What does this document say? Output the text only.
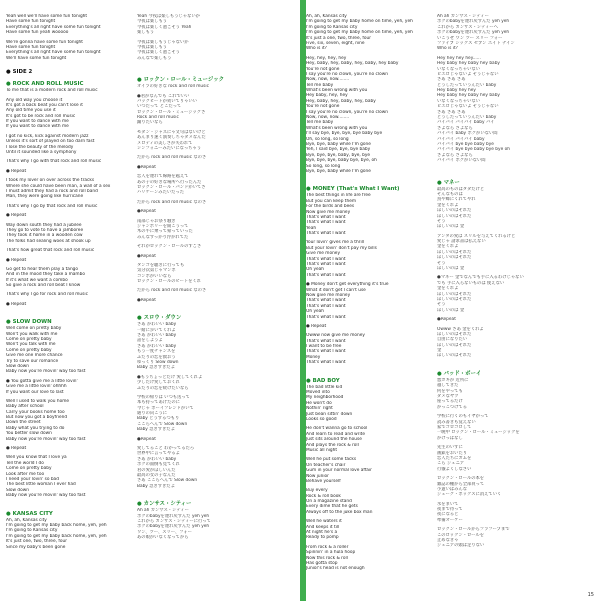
Yeah well we'll have some fun tonight
Have some fun tonight
Everything's all right have some fun tonight
Have some fun yeah wooooo
We're gonna have some fun tonight
Have some fun tonight
Everything's all right have some fun tonight
We'll have some fun tonight
● SIDE 2
● ROCK AND ROLL MUSIC
To me that is a modern rock and roll music
Any old way you choose it
It's got a back beat you can't lose it
Any old time you use it
It's got to be rock and roll music
If you want to dance with me
If you want to dance with me
I got no kick, kick against modern jazz
Unless it's sort of played on too darn fast
I lose the beauty of the melody
Until it sounded like a symphony
That's why I go with that rock and roll music
● Repeat
I took my lover on over across the tracks
Where she could have been man, a wall of a sex
I must admit they had a rock and roll band
Man, they were going like hurricane
That's why I go by that rock and roll music
● Repeat
Way down south they had a jubilee
They go to vote to have a jamboree
They took it home in a wooden cow
The folks had sealing woes at shook up
That's how great that rock and roll music
● Repeat
Go get to hear them play a tango
And in the mood they take a mambo
If it's what we want a combo
So give a rock and roll beat I know
That's why I go for rock and roll music
● Repeat
● SLOW DOWN
Well come on pretty baby
Won't you walk with me
Come on pretty baby
Won't you talk with me
Come on pretty baby
Give me one more chance
Try to save our romance
Slow down
Baby now you're movin' way too fast
● You gotta give me a little lovin'
Give me a little lovin' ohhhh
If you want our love to last
Well I used to walk you home
Baby after school
Carry your books home too
But now you got a boyfriend
Down the street
Baby what you trying to do
You better slow down
Baby now you're movin' way too fast
● Repeat
Well you know that I love ya
Tell the world I do
Come on pretty baby
Look after me too
I need your lovin' so bad
The best little woman I ever had
Slow down
Baby now you're movin' way too fast
● KANSAS CITY
Ah, ah, Kansas city
I'm going to get my baby back home, yeh, yeh
I'm going to Kansas city
I'm going to get my baby back home, yeh, yeh
It's just one, two, three, four
Since my baby's been gone
Yeah 今夜は楽しもうじゃないか
今夜は楽しもう
今夜は楽しく過ごそう Yeah
楽しもう
今夜は楽しもうじゃないか
今夜は楽しもう
今夜は楽しく過ごそう
みんなで楽しもう
● ロックン・ロール・ミュージック
オイラの好きな rock and roll music
●君がなんでも これでいい
バックビートが効いてりゃいい
いつだって どこだって
ロックン・ロール・ミュージックさ
Rock and roll music
踊りたいなら
モダン・ジャズにゃ文句はないけど
あんまり速く演奏しちゃダメなんだ
メロディの美しさが失われて
シンフォニーみたいになっちゃう
だから rock and roll music なのさ
●Repeat
恋人を連れて線路を越えて
あの子の好きな場所へ行ったんだ
ロックン・ロール・バンドがいてさ
ハリケーンみたいだった
だから rock and roll music なのさ
●Repeat
南部じゃお祭り騒ぎ
ジャンボリーを開こうって
木の牛に乗って帰っていった
みんなすっかり浮かれてた
それがロックン・ロールのすごさ
●Repeat
タンゴを聴きに行っても
気分次第じゃマンボ
コンボがいいなら
ロックン・ロールのビートをくれ
だから rock and roll music なのさ
●Repeat
● スロウ・ダウン
さあ かわいい baby
一緒に歩いてくれよ
さあ かわいい baby
話をしようよ
さあ かわいい baby
もう一度チャンスを
ふたりの恋を救おう
ゆっくり Slow down
Baby 急ぎすぎだよ
●もうちょっとだけ 愛してくれよ
少しだけ愛しておくれ
ふたりの恋を続けたいなら
学校の帰りは いつも送って
本も持ってあげたのに
今じゃ ボーイフレンドがいて
通りの向こうに
Baby どうするつもり
ここらへんで Slow down
Baby 急ぎすぎだよ
●Repeat
愛してること わかってるだろ
世界中に言ってやるよ
さあ かわいい baby
ボクの面倒も見てくれ
君の愛がほしいんだ
最高の女の子なんだ
さあ ここらへんで Slow down
Baby 急ぎすぎだよ
● カンサス・シティー
Ah ah カンサス・シティー
ボクのbabyを連れ戻すんだ yeh yeh
これから カンサス・シティーに行って
ボクのbabyを連れ戻すんだ yeh yeh
ワン、ツー、スリー、フォー
あの娘がいなくなってから
Ah, ah, Kansas city
I'm going to get my baby home on time, yeh, yeh
I'm going to Kansas city
I'm going to get my baby home on time, yeh, yeh
It's just a one, two, three, four
Five, six, seven, eight, nine
Who is it?
Hey, hey, hey, hey
Hey, baby, hey, baby, hey, baby, hey baby
You're not gone
I say you're no clown, you're no clown
Now, now, now........
Tell me baby
What's been wrong with you
Hey baby, hey, hey
Hey, baby, hey, baby, hey, baby
You're not gone
I say you're no clown, you're no clown
Now, now, now........
Tell me baby
What's been wrong with you
I'll say bye, bye, bye, bye baby bye
Oh, so long, so long
Bye, bye, baby while I'm gone
Yeh, I said bye, bye, bye baby
Bye, bye, bye, baby, bye, bye
Bye, bye, bye, baby bye, bye, oh
So long, so long
Bye, bye, baby while I'm gone
● MONEY (That's What I Want)
The best things in life are free
But you can keep them
For the birds and bees
Now give me money
That's what I want
That's what I want
Yeah
That's what I want
Your lovin' gives me a thrill
But your lovin' don't pay my bills
Give me money
That's what I want
That's what I want
Oh yeah
That's what I want
● Money don't get everything it's true
What it don't get I can't use
Now give me money
That's what I want
That's what I want
Oh yeah
That's what I want
● Repeat
Owww now give me money
That's what I want
I want to be free
That's what I want
Money
That's what I want
● BAD BOY
The bad little kid
Moved into
My neighborhood
He won't do
Nothin' right
Just bean sittin' down
Looks so good
He don't wanna go to school
And learn to read and write
Just sits around the house
And plays the rock & roll
Music all night
Well he put some tacks
On teacher's chair
Gum in your normal love affair
Now junior
Behave yourself
Buy every
Rock & roll book
On a magazine stand
Every dime that he gets
Always off to the juke box man
Well he waters it
And keeps it till
At night he's a
Ready to pomp
From rock & a roller
Spinnin' in a hula hoop
Now this rock & roll
Has gotta stop
Junior's head is not enough
Ah ah カンサス・シティー
ボクのbabyを連れ戻すんだ yeh yeh
これから カンサス・シティーへ
ボクのbabyを連れ戻すんだ yeh yeh
いこうぜ ワン ツー スリー フォー
ファイブ シックス セブン エイト ナイン
Who is it?
Hey hey hey hey......
Hey baby hey baby hey baby
いなくなっちゃいない
ピエロじゃないよ そうじゃない
さあ さあ さあ
どうしたっていうんだい baby
Hey baby hey hey
Hey baby hey baby hey baby
いなくなっちゃいない
ピエロじゃないよ そうじゃない
さあ さあ さあ
どうしたっていうんだい baby
バイバイ バイバイ baby バイ
さよなら さよなら
バイバイ baby ボクがいない間
バイバイ バイバイ baby
バイバイ bye bye baby bye
バイバイ bye bye baby bye bye oh
さよなら さよなら
バイバイ ボクがいない間
● マネー
最高のものはタダだけど
そんなものは
鳥や蜂にくれてやれ
金をくれよ
ほしいのはそれだ
ほしいのはそれだ
そう
ほしいのは 金
アンタの愛は スリルを与えてくれるけど
愛じゃ 請求書は払えない
金をくれよ
ほしいのはそれだ
ほしいのはそれだ
そう
ほしいのは 金
●マネー 金でなんでも手に入るわけじゃない
でも 手に入らないものは 使えない
金をくれよ
ほしいのはそれだ
ほしいのはそれだ
そう
ほしいのは 金
●Repeat
Owww さあ 金をくれよ
ほしいのはそれだ
自由になりたい
ほしいのはそれだ
金
ほしいのはそれだ
● バッド・ボーイ
悪ガキが 近所に
越してきた
何をやっても
ダメなヤツ
座ってるだけ
かっこつけてる
学校に行くのもイヤがって
読み書きも覚えない
家でゴロゴロして
一晩中 ロックン・ロール・ミュージックを
かけっぱなし
先生のいすに
画鋲をおいたり
恋人たちにガムを
こら ジュニア
行儀よくしなさい
ロックン・ロールの本を
雑誌の棚から全部買って
小遣いはみんな
ジューク・ボックスに消えていく
水をまいて
夜まで待って
夜になると
準備オーケー
ロックン・ロールからフラフープまで
このロックン・ロールを
止めなきゃ
ジュニアの頭は足りない
15
